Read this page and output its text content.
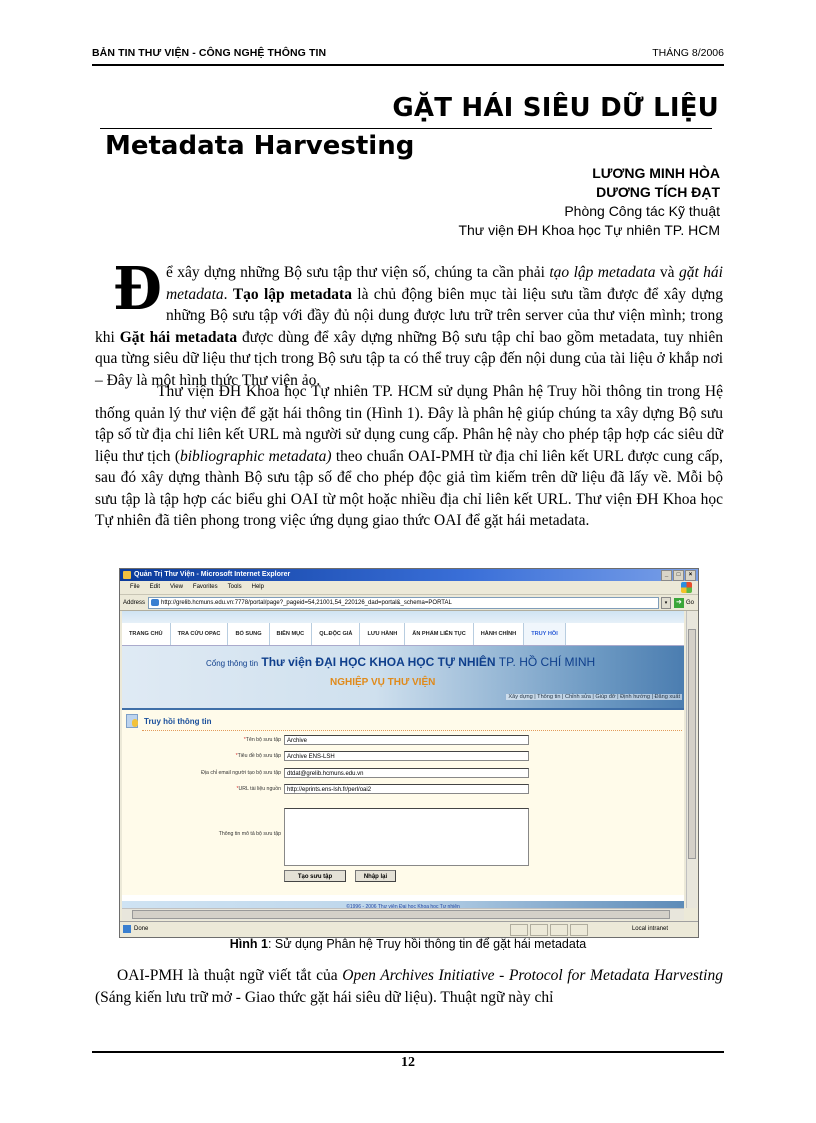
BẢN TIN THƯ VIỆN - CÔNG NGHỆ THÔNG TIN	THÁNG 8/2006
GẶT HÁI SIÊU DỮ LIỆU
Metadata Harvesting
LƯƠNG MINH HÒA
DƯƠNG TÍCH ĐẠT
Phòng Công tác Kỹ thuật
Thư viện ĐH Khoa học Tự nhiên TP. HCM

Để xây dựng những Bộ sưu tập thư viện số, chúng ta cần phải tạo lập metadata và gặt hái metadata. Tạo lập metadata là chủ động biên mục tài liệu sưu tầm được để xây dựng những Bộ sưu tập với đầy đủ nội dung được lưu trữ trên server của thư viện mình; trong khi Gặt hái metadata được dùng để xây dựng những Bộ sưu tập chỉ bao gồm metadata, tuy nhiên qua từng siêu dữ liệu thư tịch trong Bộ sưu tập ta có thể truy cập đến nội dung của tài liệu ở khắp nơi – Đây là một hình thức Thư viện ảo.

Thư viện ĐH Khoa học Tự nhiên TP. HCM sử dụng Phân hệ Truy hồi thông tin trong Hệ thống quản lý thư viện để gặt hái thông tin (Hình 1). Đây là phân hệ giúp chúng ta xây dựng Bộ sưu tập số từ địa chỉ liên kết URL mà người sử dụng cung cấp. Phân hệ này cho phép tập hợp các siêu dữ liệu thư tịch (bibliographic metadata) theo chuẩn OAI-PMH từ địa chỉ liên kết URL được cung cấp, sau đó xây dựng thành Bộ sưu tập số để cho phép độc giả tìm kiếm trên dữ liệu đã lấy về. Mỗi bộ sưu tập là tập hợp các biểu ghi OAI từ một hoặc nhiều địa chỉ liên kết URL. Thư viện ĐH Khoa học Tự nhiên đã tiên phong trong việc ứng dụng giao thức OAI để gặt hái metadata.

Quản Trị Thư Viện - Microsoft Internet Explorer	_	□	×
File Edit View Favorites Tools Help
Address	http://grelib.hcmuns.edu.vn:7778/portal/page?_pageid=54,21001,54_220126_dad=portal&_schema=PORTAL	▾	➜ Go
TRANG CHỦ	TRA CỨU OPAC	BỔ SUNG	BIÊN MỤC	QL.ĐỘC GIẢ	LƯU HÀNH	ẤN PHẨM LIÊN TỤC	HÀNH CHÍNH	TRUY HỒI
Cổng thông tin Thư viện ĐẠI HỌC KHOA HỌC TỰ NHIÊN TP. HỒ CHÍ MINH
NGHIỆP VỤ THƯ VIỆN
Xây dựng | Thông tin | Chỉnh sửa | Giúp đỡ | Định hướng | Đăng xuất
Truy hồi thông tin
*Tên bộ sưu tập	Archive
*Tiêu đề bộ sưu tập	Archive ENS-LSH
Địa chỉ email người tạo bộ sưu tập	dtdat@grelib.hcmuns.edu.vn
*URL tài liệu nguồn	http://eprints.ens-lsh.fr/perl/oai2
Thông tin mô tả bộ sưu tập
Tạo sưu tập	Nhập lại
©1996 - 2006 Thư viện Đại học Khoa học Tự nhiên
Done	Local intranet
Hình 1: Sử dụng Phân hệ Truy hồi thông tin để gặt hái metadata

OAI-PMH là thuật ngữ viết tắt của Open Archives Initiative - Protocol for Metadata Harvesting (Sáng kiến lưu trữ mở - Giao thức gặt hái siêu dữ liệu). Thuật ngữ này chỉ

12
